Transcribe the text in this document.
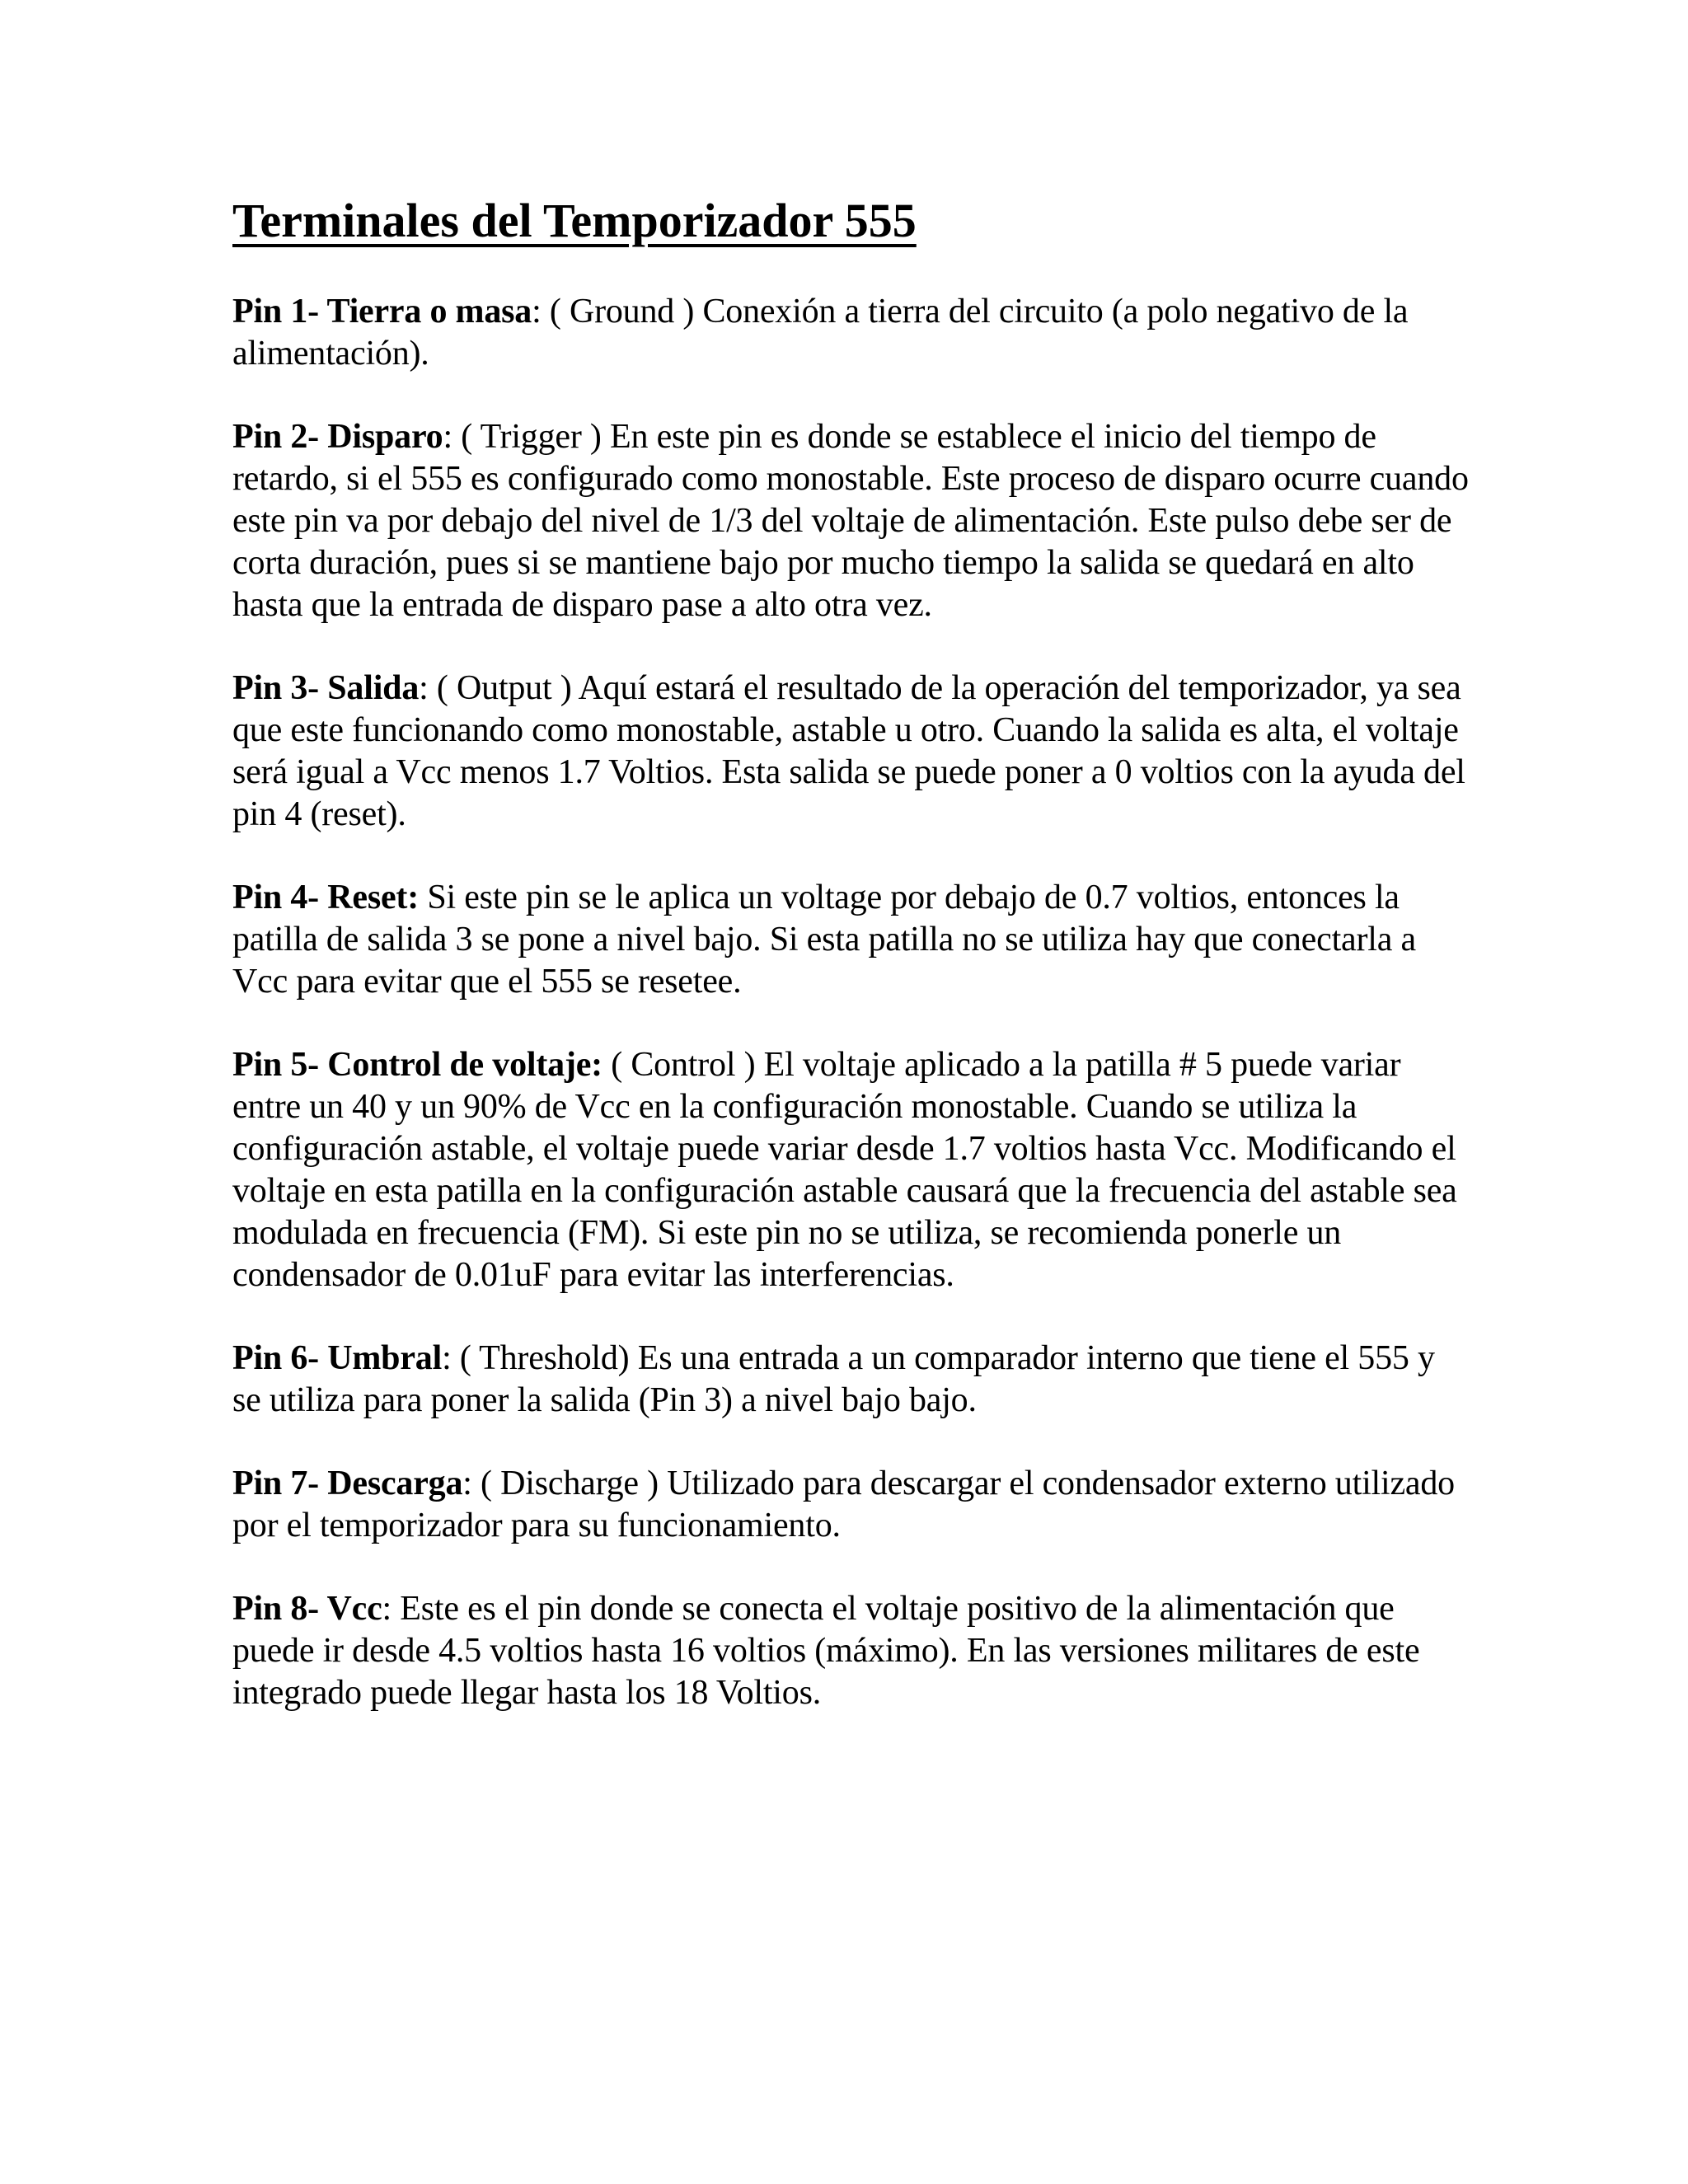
Terminales del Temporizador 555

Pin 1- Tierra o masa: ( Ground ) Conexión a tierra del circuito (a polo negativo de la alimentación).

Pin 2- Disparo: ( Trigger ) En este pin es donde se establece el inicio del tiempo de retardo, si el 555 es configurado como monostable. Este proceso de disparo ocurre cuando este pin va por debajo del nivel de 1/3 del voltaje de alimentación. Este pulso debe ser de corta duración, pues si se mantiene bajo por mucho tiempo la salida se quedará en alto hasta que la entrada de disparo pase a alto otra vez.

Pin 3- Salida: ( Output ) Aquí estará el resultado de la operación del temporizador, ya sea que este funcionando como monostable, astable u otro. Cuando la salida es alta, el voltaje será igual a Vcc menos 1.7 Voltios. Esta salida se puede poner a 0 voltios con la ayuda del pin 4 (reset).

Pin 4- Reset: Si este pin se le aplica un voltage por debajo de 0.7 voltios, entonces la patilla de salida 3 se pone a nivel bajo. Si esta patilla no se utiliza hay que conectarla a Vcc para evitar que el 555 se resetee.

Pin 5- Control de voltaje: ( Control ) El voltaje aplicado a la patilla # 5 puede variar entre un 40 y un 90% de Vcc en la configuración monostable. Cuando se utiliza la configuración astable, el voltaje puede variar desde 1.7 voltios hasta Vcc. Modificando el voltaje en esta patilla en la configuración astable causará que la frecuencia del astable sea modulada en frecuencia (FM). Si este pin no se utiliza, se recomienda ponerle un condensador de 0.01uF para evitar las interferencias.

Pin 6- Umbral: ( Threshold) Es una entrada a un comparador interno que tiene el 555 y se utiliza para poner la salida (Pin 3) a nivel bajo bajo.

Pin 7- Descarga: ( Discharge ) Utilizado para descargar el condensador externo utilizado por el temporizador para su funcionamiento.

Pin 8- Vcc: Este es el pin donde se conecta el voltaje positivo de la alimentación que puede ir desde 4.5 voltios hasta 16 voltios (máximo). En las versiones militares de este integrado puede llegar hasta los 18 Voltios.
